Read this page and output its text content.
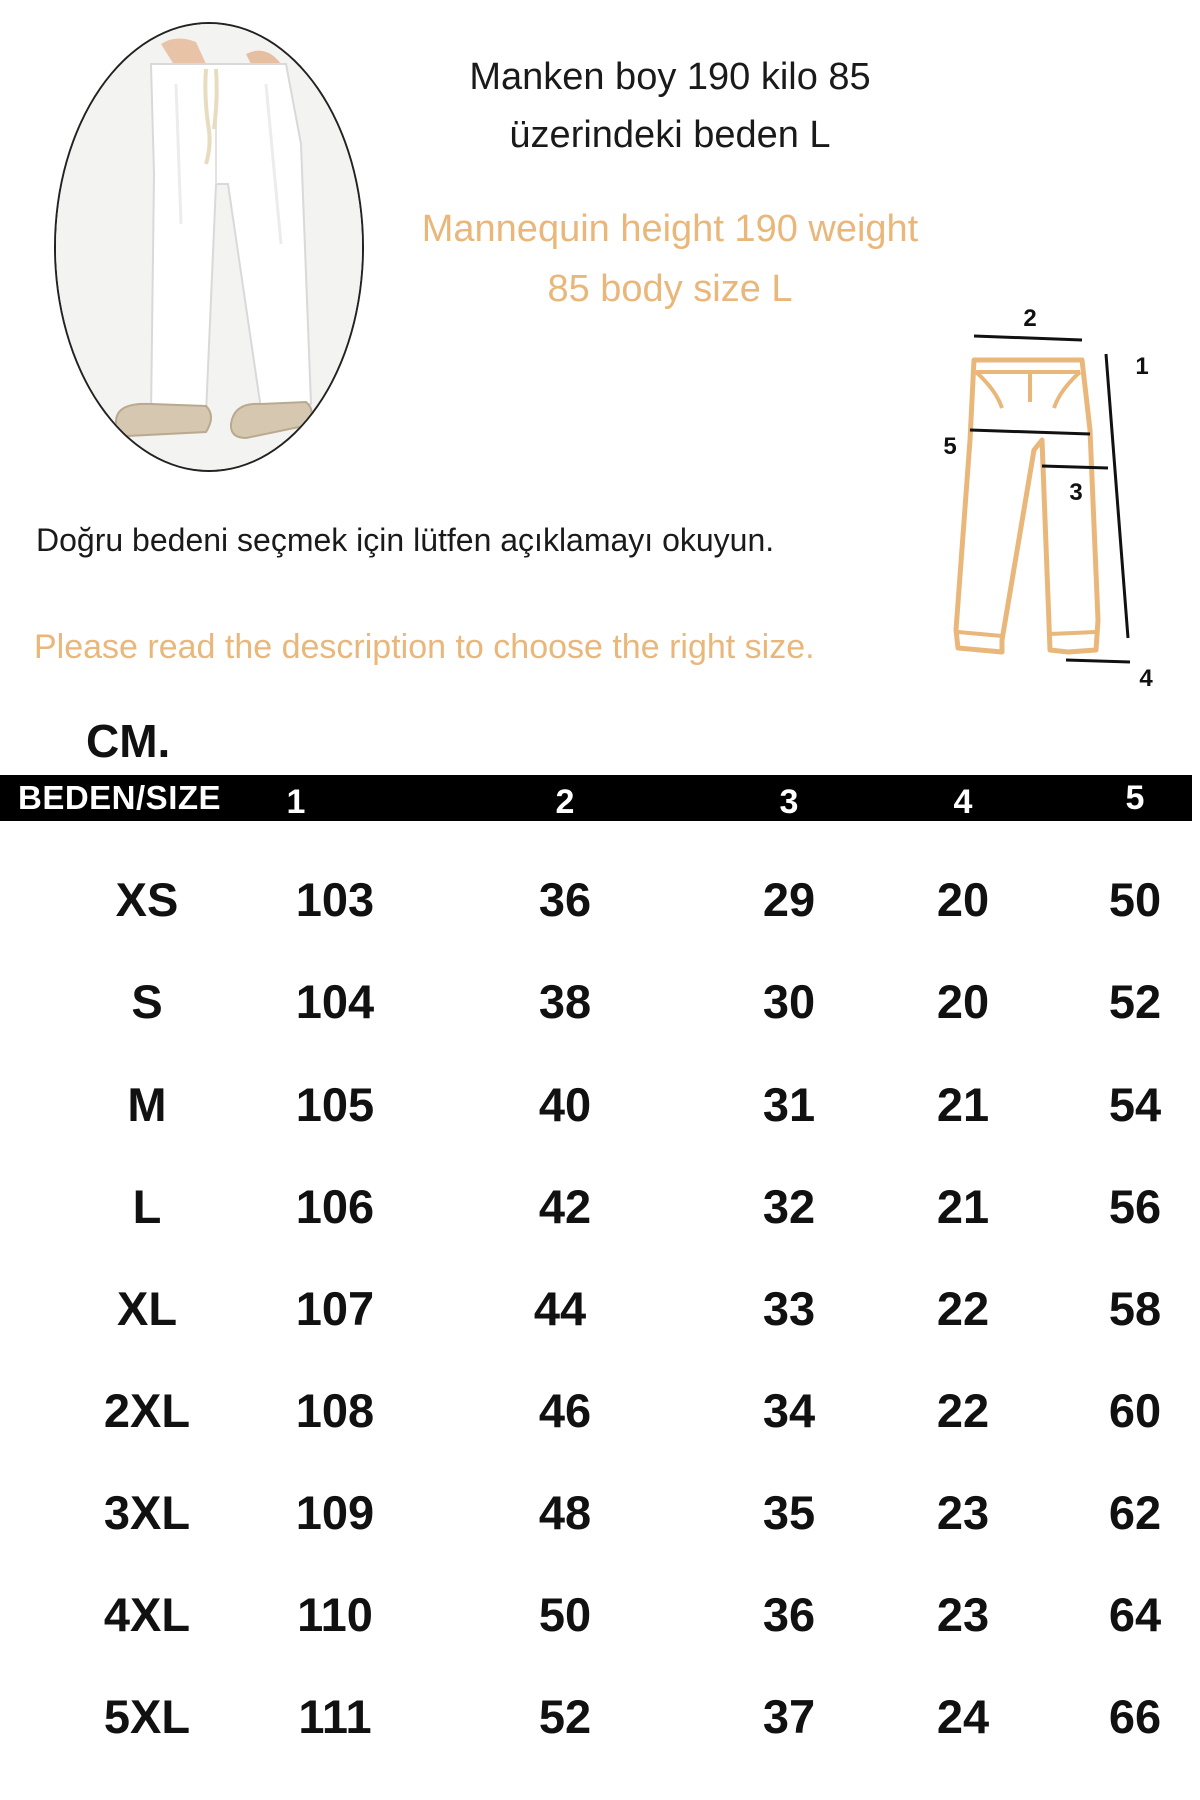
Manken boy 190 kilo 85
üzerindeki beden L
Mannequin height 190 weight
85 body size L
Doğru bedeni seçmek için lütfen açıklamayı okuyun.
Please read the description to choose the right size.
2
1
5
3
4
CM.
BEDEN/SIZE	1	2	3	4	5
XS	103	36	29	20	50
S	104	38	30	20	52
M	105	40	31	21	54
L	106	42	32	21	56
XL	107	44	33	22	58
2XL	108	46	34	22	60
3XL	109	48	35	23	62
4XL	110	50	36	23	64
5XL	111	52	37	24	66
